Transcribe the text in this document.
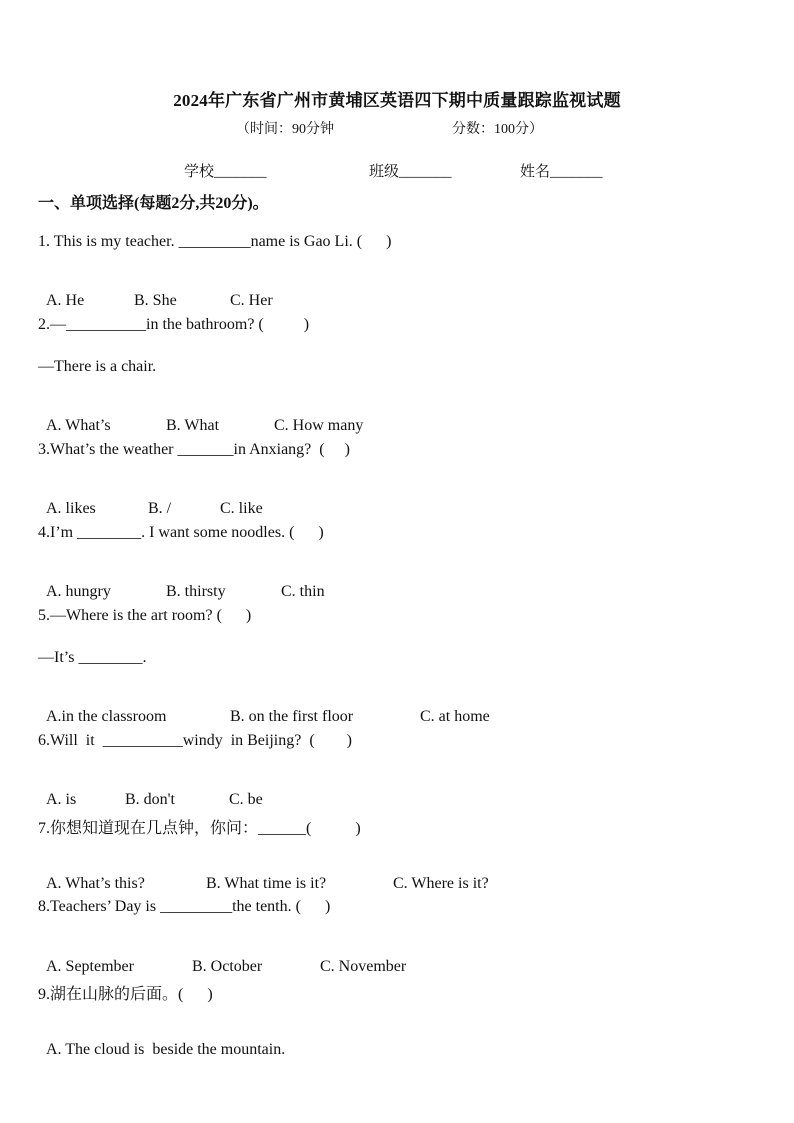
2024年广东省广州市黄埔区英语四下期中质量跟踪监视试题
（时间：90分钟	分数：100分）
学校_______	班级_______	姓名_______
一、单项选择(每题2分,共20分)。
1. This is my teacher. _________name is Gao Li. (      )

A. He	B. She	C. Her

2.—__________in the bathroom? (          )
—There is a chair.

A. What’s	B. What	C. How many

3.What’s the weather _______in Anxiang?  (     )

A. likes	B. /	C. like

4.I’m ________. I want some noodles. (      )

A. hungry	B. thirsty	C. thin

5.—Where is the art room? (      )
—It’s ________.

A.in the classroom	B. on the first floor	C. at home

6.Will  it  __________windy  in Beijing?  (        )

A. is	B. don't	C. be

7.你想知道现在几点钟，你问：______(           )

A. What’s this?	B. What time is it?	C. Where is it?

8.Teachers’ Day is _________the tenth. (      )

A. September	B. October	C. November

9.湖在山脉的后面。(      )

A. The cloud is  beside the mountain.
